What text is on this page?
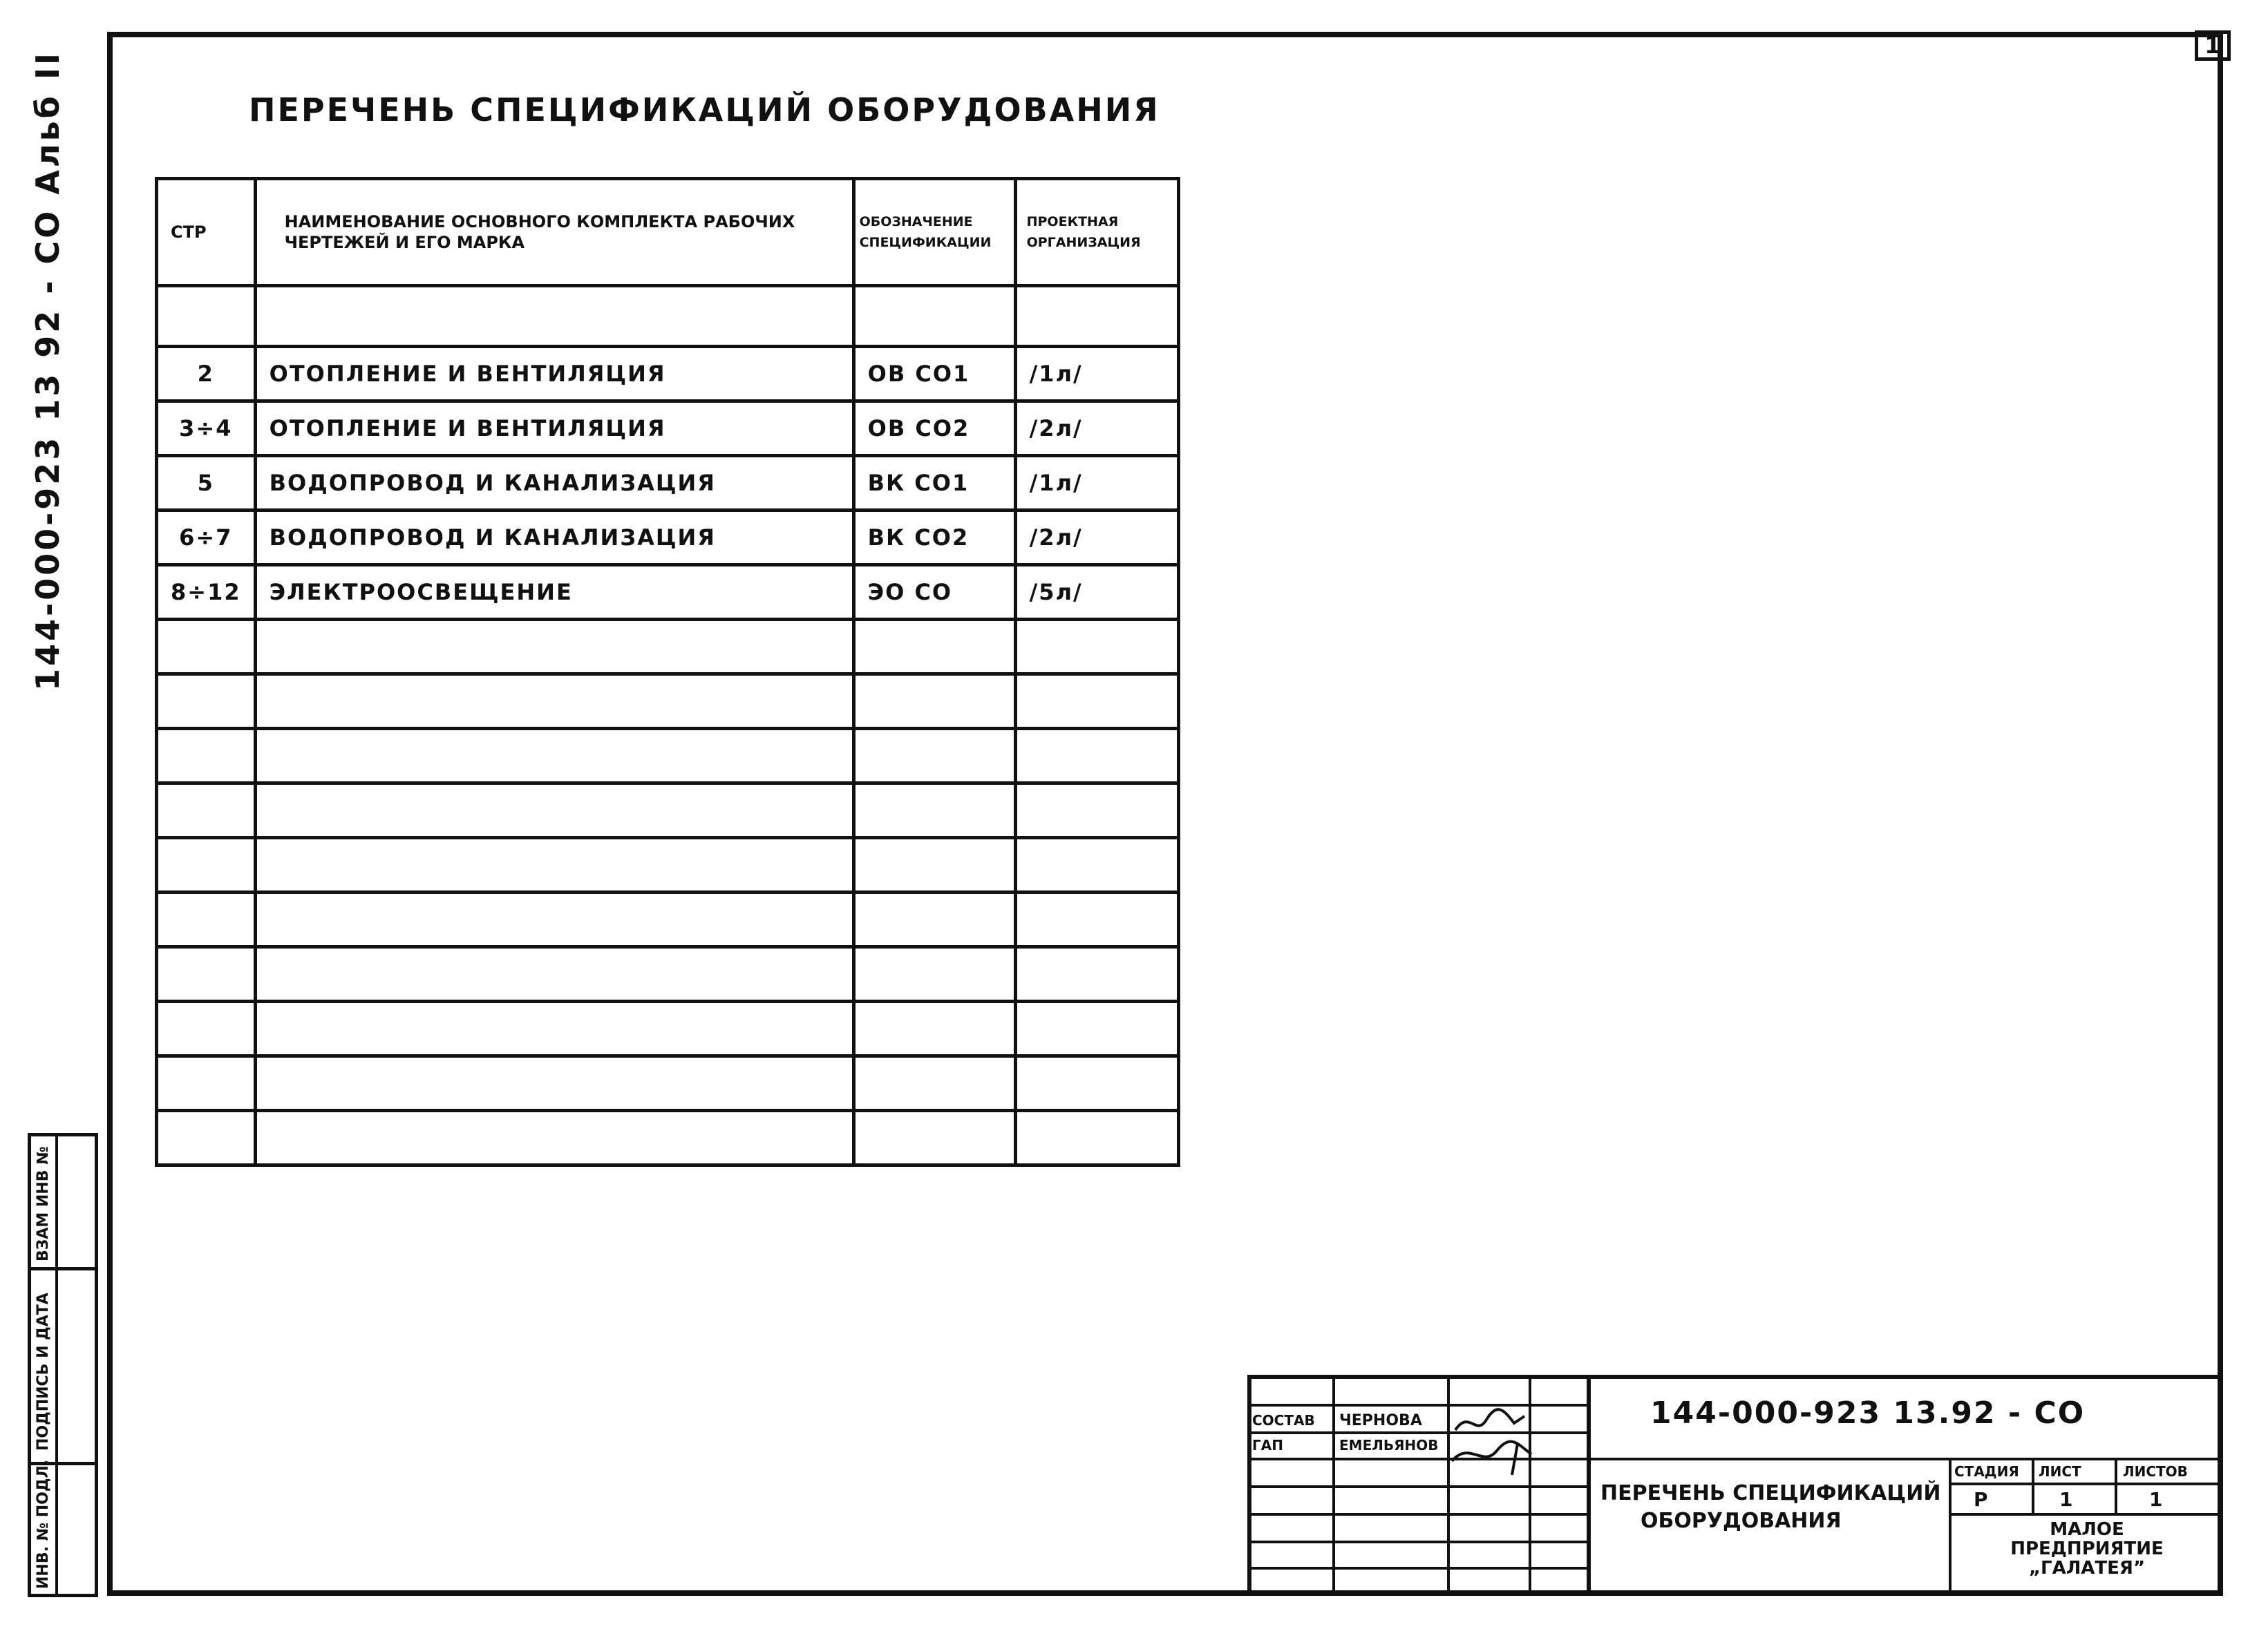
1
144-000-923 13 92 - СО Альб II	ПЕРЕЧЕНЬ СПЕЦИФИКАЦИЙ ОБОРУДОВАНИЯ
СТР	НАИМЕНОВАНИЕ ОСНОВНОГО КОМПЛЕКТА РАБОЧИХ ЧЕРТЕЖЕЙ И ЕГО МАРКА	ОБОЗНАЧЕНИЕ СПЕЦИФИКАЦИИ	ПРОЕКТНАЯ ОРГАНИЗАЦИЯ

2	ОТОПЛЕНИЕ И ВЕНТИЛЯЦИЯ	ОВ СО1	/1л/
3÷4	ОТОПЛЕНИЕ И ВЕНТИЛЯЦИЯ	ОВ СО2	/2л/
5	ВОДОПРОВОД И КАНАЛИЗАЦИЯ	ВК СО1	/1л/
6÷7	ВОДОПРОВОД И КАНАЛИЗАЦИЯ	ВК СО2	/2л/
8÷12	ЭЛЕКТРООСВЕЩЕНИЕ	ЭО СО	/5л/

ВЗАМ ИНВ №
ПОДПИСЬ И ДАТА
ИНВ. № ПОДЛ.
СОСТАВ ЧЕРНОВА
ГАП	ЕМЕЛЬЯНОВ
144-000-923 13.92 - СО
ПЕРЕЧЕНЬ СПЕЦИФИКАЦИЙ
ОБОРУДОВАНИЯ
СТАДИЯ ЛИСТ	ЛИСТОВ
Р	1	1
МАЛОЕ
ПРЕДПРИЯТИЕ
„ГАЛАТЕЯ”
